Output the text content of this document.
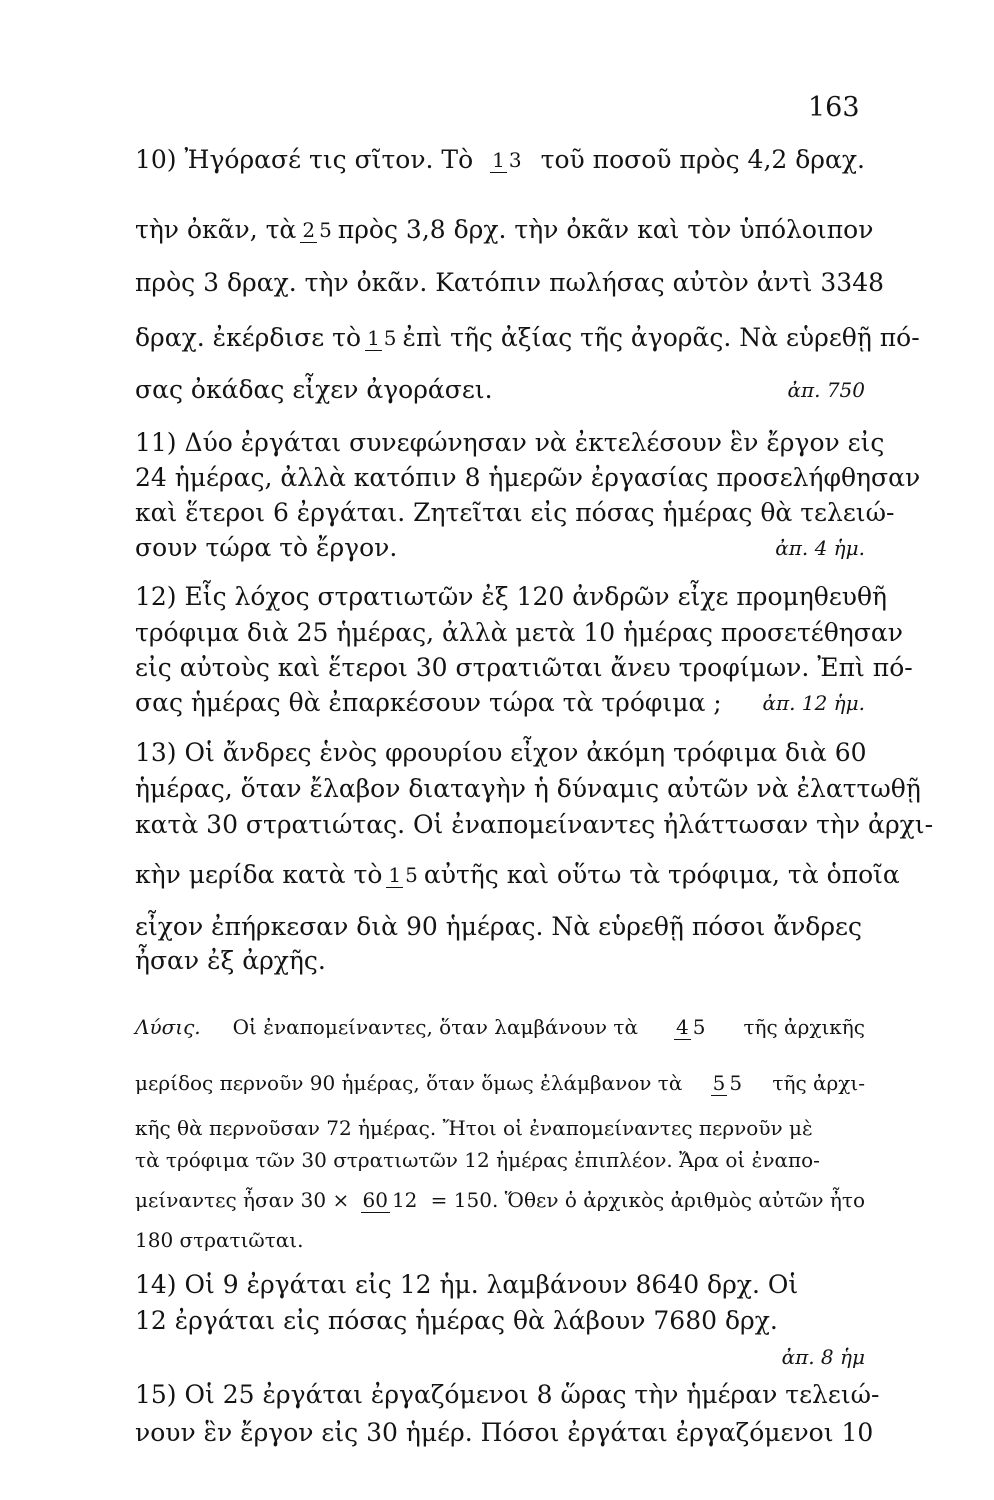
163
10) Ἠγόρασέ τις σῖτον. Τὸ 1 3 τοῦ ποσοῦ πρὸς 4,2 δραχ.
τὴν ὀκᾶν, τὰ 2 5 πρὸς 3,8 δρχ. τὴν ὀκᾶν καὶ τὸν ὑπόλοιπον
πρὸς 3 δραχ. τὴν ὀκᾶν. Κατόπιν πωλήσας αὐτὸν ἀντὶ 3348
δραχ. ἐκέρδισε τὸ 1 5 ἐπὶ τῆς ἀξίας τῆς ἀγορᾶς. Νὰ εὑρεθῇ πό-
σας ὀκάδας εἶχεν ἀγοράσει.	ἀπ. 750
11) Δύο ἐργάται συνεφώνησαν νὰ ἐκτελέσουν ἓν ἔργον εἰς
24 ἡμέρας, ἀλλὰ κατόπιν 8 ἡμερῶν ἐργασίας προσελήφθησαν
καὶ ἕτεροι 6 ἐργάται. Ζητεῖται εἰς πόσας ἡμέρας θὰ τελειώ-
σουν τώρα τὸ ἔργον.	ἀπ. 4 ἡμ.
12) Εἷς λόχος στρατιωτῶν ἐξ 120 ἀνδρῶν εἶχε προμηθευθῆ
τρόφιμα διὰ 25 ἡμέρας, ἀλλὰ μετὰ 10 ἡμέρας προσετέθησαν
εἰς αὐτοὺς καὶ ἕτεροι 30 στρατιῶται ἄνευ τροφίμων. Ἐπὶ πό-
σας ἡμέρας θὰ ἐπαρκέσουν τώρα τὰ τρόφιμα ; ἀπ. 12 ἡμ.
13) Οἱ ἄνδρες ἑνὸς φρουρίου εἶχον ἀκόμη τρόφιμα διὰ 60
ἡμέρας, ὅταν ἔλαβον διαταγὴν ἡ δύναμις αὐτῶν νὰ ἐλαττωθῇ
κατὰ 30 στρατιώτας. Οἱ ἐναπομείναντες ἠλάττωσαν τὴν ἀρχι-
κὴν μερίδα κατὰ τὸ 1 5 αὐτῆς καὶ οὕτω τὰ τρόφιμα, τὰ ὁποῖα
εἶχον ἐπήρκεσαν διὰ 90 ἡμέρας. Νὰ εὑρεθῇ πόσοι ἄνδρες
ἦσαν ἐξ ἀρχῆς.
Λύσις. Οἱ ἐναπομείναντες, ὅταν λαμβάνουν τὰ 4 5 τῆς ἀρχικῆς
μερίδος περνοῦν 90 ἡμέρας, ὅταν ὅμως ἐλάμβανον τὰ 5 5 τῆς ἀρχι-
κῆς θὰ περνοῦσαν 72 ἡμέρας. Ἤτοι οἱ ἐναπομείναντες περνοῦν μὲ
τὰ τρόφιμα τῶν 30 στρατιωτῶν 12 ἡμέρας ἐπιπλέον. Ἄρα οἱ ἐναπο-
μείναντες ἦσαν 30 × 60 12 = 150. Ὅθεν ὁ ἀρχικὸς ἀριθμὸς αὐτῶν ἦτο
180 στρατιῶται.
14) Οἱ 9 ἐργάται εἰς 12 ἡμ. λαμβάνουν 8640 δρχ. Οἱ
12 ἐργάται εἰς πόσας ἡμέρας θὰ λάβουν 7680 δρχ.
ἀπ. 8 ἡμ
15) Οἱ 25 ἐργάται ἐργαζόμενοι 8 ὥρας τὴν ἡμέραν τελειώ-
νουν ἓν ἔργον εἰς 30 ἡμέρ. Πόσοι ἐργάται ἐργαζόμενοι 10
